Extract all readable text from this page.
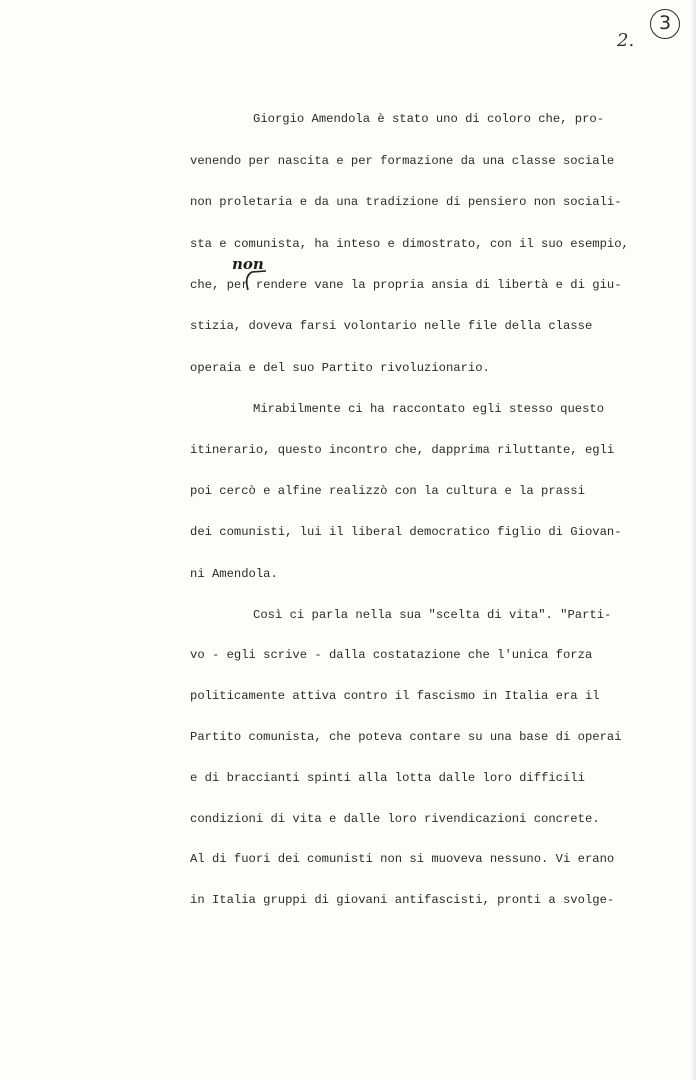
2.
3
Giorgio Amendola è stato uno di coloro che, pro-
venendo per nascita e per formazione da una classe sociale
non proletaria e da una tradizione di pensiero non sociali-
sta e comunista, ha inteso e dimostrato, con il suo esempio,
che, per rendere vane la propria ansia di libertà e di giu-
stizia, doveva farsi volontario nelle file della classe
operaia e del suo Partito rivoluzionario.
Mirabilmente ci ha raccontato egli stesso questo
itinerario, questo incontro che, dapprima riluttante, egli
poi cercò e alfine realizzò con la cultura e la prassi
dei comunisti, lui il liberal democratico figlio di Giovan-
ni Amendola.
Così ci parla nella sua "scelta di vita". "Parti-
vo - egli scrive - dalla costatazione che l'unica forza
politicamente attiva contro il fascismo in Italia era il
Partito comunista, che poteva contare su una base di operai
e di braccianti spinti alla lotta dalle loro difficili
condizioni di vita e dalle loro rivendicazioni concrete.
Al di fuori dei comunisti non si muoveva nessuno. Vi erano
in Italia gruppi di giovani antifascisti, pronti a svolge-
non
